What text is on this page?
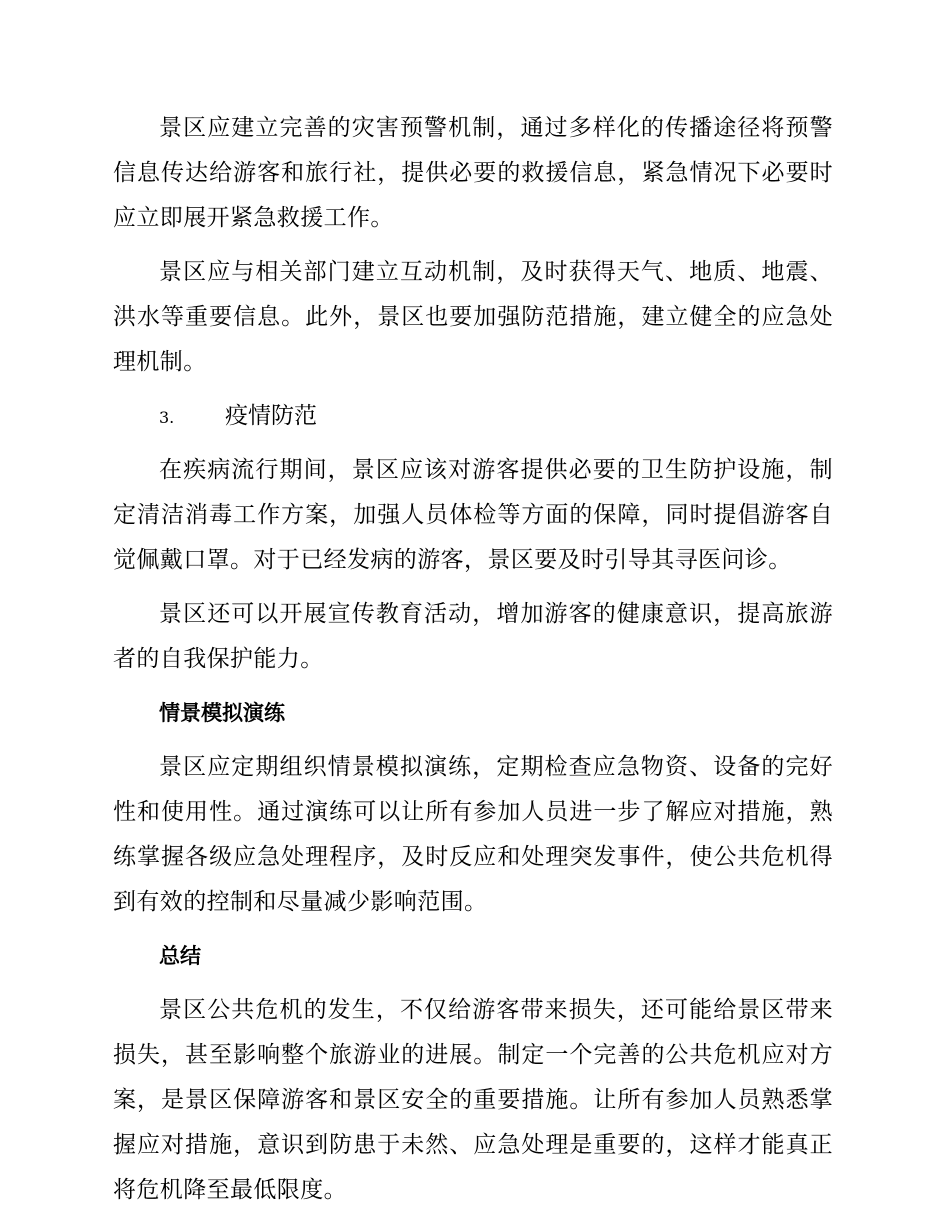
景区应建立完善的灾害预警机制，通过多样化的传播途径将预警信息传达给游客和旅行社，提供必要的救援信息，紧急情况下必要时应立即展开紧急救援工作。

景区应与相关部门建立互动机制，及时获得天气、地质、地震、洪水等重要信息。此外，景区也要加强防范措施，建立健全的应急处理机制。

3. 疫情防范

在疾病流行期间，景区应该对游客提供必要的卫生防护设施，制定清洁消毒工作方案，加强人员体检等方面的保障，同时提倡游客自觉佩戴口罩。对于已经发病的游客，景区要及时引导其寻医问诊。

景区还可以开展宣传教育活动，增加游客的健康意识，提高旅游者的自我保护能力。

情景模拟演练

景区应定期组织情景模拟演练，定期检查应急物资、设备的完好性和使用性。通过演练可以让所有参加人员进一步了解应对措施，熟练掌握各级应急处理程序，及时反应和处理突发事件，使公共危机得到有效的控制和尽量减少影响范围。

总结

景区公共危机的发生，不仅给游客带来损失，还可能给景区带来损失，甚至影响整个旅游业的进展。制定一个完善的公共危机应对方案，是景区保障游客和景区安全的重要措施。让所有参加人员熟悉掌握应对措施，意识到防患于未然、应急处理是重要的，这样才能真正将危机降至最低限度。
